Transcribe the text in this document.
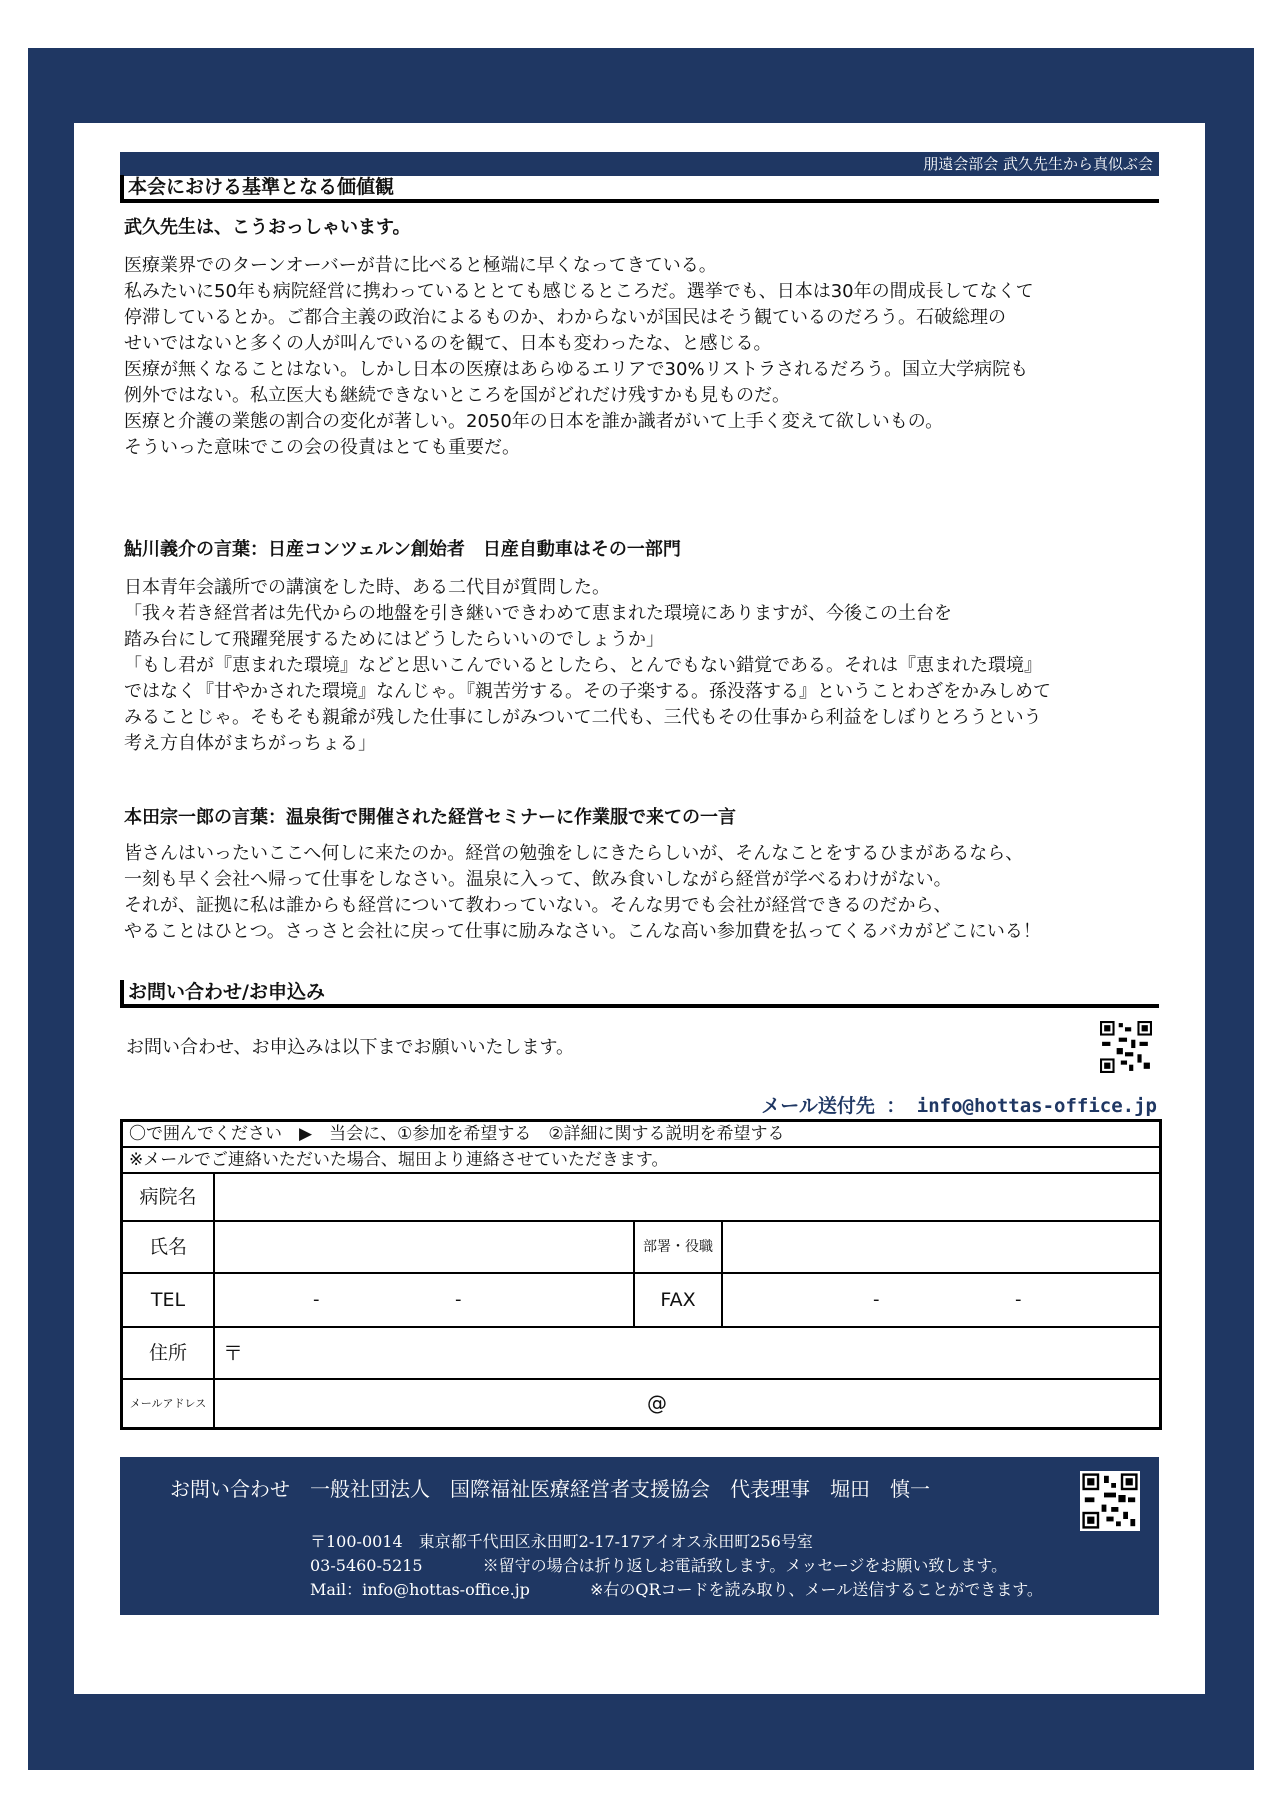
朋遠会部会 武久先生から真似ぶ会
本会における基準となる価値観
武久先生は、こうおっしゃいます。
医療業界でのターンオーバーが昔に比べると極端に早くなってきている。
私みたいに50年も病院経営に携わっているととても感じるところだ。選挙でも、日本は30年の間成長してなくて
停滞しているとか。ご都合主義の政治によるものか、わからないが国民はそう観ているのだろう。石破総理の
せいではないと多くの人が叫んでいるのを観て、日本も変わったな、と感じる。
医療が無くなることはない。しかし日本の医療はあらゆるエリアで30%リストラされるだろう。国立大学病院も
例外ではない。私立医大も継続できないところを国がどれだけ残すかも見ものだ。
医療と介護の業態の割合の変化が著しい。2050年の日本を誰か識者がいて上手く変えて欲しいもの。
そういった意味でこの会の役責はとても重要だ。
鮎川義介の言葉：日産コンツェルン創始者　日産自動車はその一部門
日本青年会議所での講演をした時、ある二代目が質問した。
「我々若き経営者は先代からの地盤を引き継いできわめて恵まれた環境にありますが、今後この土台を
踏み台にして飛躍発展するためにはどうしたらいいのでしょうか」
「もし君が『恵まれた環境』などと思いこんでいるとしたら、とんでもない錯覚である。それは『恵まれた環境』
ではなく『甘やかされた環境』なんじゃ。『親苦労する。その子楽する。孫没落する』ということわざをかみしめて
みることじゃ。そもそも親爺が残した仕事にしがみついて二代も、三代もその仕事から利益をしぼりとろうという
考え方自体がまちがっちょる」
本田宗一郎の言葉：温泉街で開催された経営セミナーに作業服で来ての一言
皆さんはいったいここへ何しに来たのか。経営の勉強をしにきたらしいが、そんなことをするひまがあるなら、
一刻も早く会社へ帰って仕事をしなさい。温泉に入って、飲み食いしながら経営が学べるわけがない。
それが、証拠に私は誰からも経営について教わっていない。そんな男でも会社が経営できるのだから、
やることはひとつ。さっさと会社に戻って仕事に励みなさい。こんな高い参加費を払ってくるバカがどこにいる！
お問い合わせ/お申込み
お問い合わせ、お申込みは以下までお願いいたします。
メール送付先 ： info@hottas-office.jp
〇で囲んでください　▶　当会に、①参加を希望する　②詳細に関する説明を希望する
※メールでご連絡いただいた場合、堀田より連絡させていただきます。
病院名
氏名	部署・役職
TEL	-	-	FAX	-	-
住所	〒
メールアドレス	@
お問い合わせ　一般社団法人　国際福祉医療経営者支援協会　代表理事　堀田　慎一
〒100-0014　東京都千代田区永田町2-17-17アイオス永田町256号室
03-5460-5215	※留守の場合は折り返しお電話致します。メッセージをお願い致します。
Mail：info@hottas-office.jp	※右のQRコードを読み取り、メール送信することができます。
